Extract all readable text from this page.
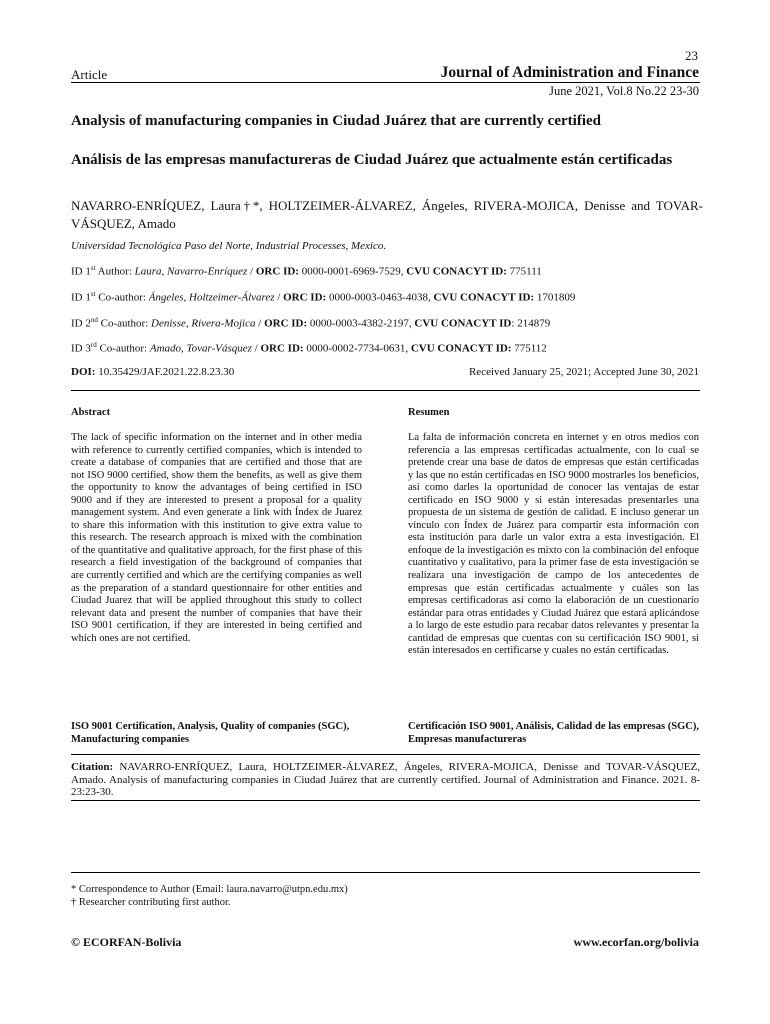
23
Article	Journal of Administration and Finance
June 2021, Vol.8 No.22 23-30
Analysis of manufacturing companies in Ciudad Juárez that are currently certified
Análisis de las empresas manufactureras de Ciudad Juárez que actualmente están certificadas
NAVARRO-ENRÍQUEZ, Laura†*, HOLTZEIMER-ÁLVAREZ, Ángeles, RIVERA-MOJICA, Denisse and TOVAR-VÁSQUEZ, Amado
Universidad Tecnológica Paso del Norte, Industrial Processes, Mexico.
ID 1st Author: Laura, Navarro-Enríquez / ORC ID: 0000-0001-6969-7529, CVU CONACYT ID: 775111
ID 1st Co-author: Ángeles, Holtzeimer-Álvarez / ORC ID: 0000-0003-0463-4038, CVU CONACYT ID: 1701809
ID 2nd Co-author: Denisse, Rivera-Mojica / ORC ID: 0000-0003-4382-2197, CVU CONACYT ID: 214879
ID 3rd Co-author: Amado, Tovar-Vásquez / ORC ID: 0000-0002-7734-0631, CVU CONACYT ID: 775112
DOI: 10.35429/JAF.2021.22.8.23.30	Received January 25, 2021; Accepted June 30, 2021
Abstract
The lack of specific information on the internet and in other media with reference to currently certified companies, which is intended to create a database of companies that are certified and those that are not ISO 9000 certified, show them the benefits, as well as give them the opportunity to know the advantages of being certified in ISO 9000 and if they are interested to present a proposal for a quality management system. And even generate a link with Índex de Juarez to share this information with this institution to give extra value to this research. The research approach is mixed with the combination of the quantitative and qualitative approach, for the first phase of this research a field investigation of the background of companies that are currently certified and which are the certifying companies as well as the preparation of a standard questionnaire for other entities and Ciudad Juarez that will be applied throughout this study to collect relevant data and present the number of companies that have their ISO 9001 certification, if they are interested in being certified and which ones are not certified.
ISO 9001 Certification, Analysis, Quality of companies (SGC), Manufacturing companies
Resumen
La falta de información concreta en internet y en otros medios con referencia a las empresas certificadas actualmente, con lo cual se pretende crear una base de datos de empresas que están certificadas y las que no están certificadas en ISO 9000 mostrarles los beneficios, así como darles la oportunidad de conocer las ventajas de estar certificado en ISO 9000 y si están interesadas presentarles una propuesta de un sistema de gestión de calidad. E incluso generar un vínculo con Índex de Juárez para compartir esta información con esta institución para darle un valor extra a esta investigación. El enfoque de la investigación es mixto con la combinación del enfoque cuantitativo y cualitativo, para la primer fase de esta investigación se realizara una investigación de campo de los antecedentes de empresas que están certificadas actualmente y cuáles son las empresas certificadoras así como la elaboración de un cuestionario estándar para otras entidades y Ciudad Juárez que estará aplicándose a lo largo de este estudio para recabar datos relevantes y presentar la cantidad de empresas que cuentas con su certificación ISO 9001, si están interesados en certificarse y cuales no están certificadas.
Certificación ISO 9001, Análisis, Calidad de las empresas (SGC), Empresas manufactureras
Citation: NAVARRO-ENRÍQUEZ, Laura, HOLTZEIMER-ÁLVAREZ, Ángeles, RIVERA-MOJICA, Denisse and TOVAR-VÁSQUEZ, Amado. Analysis of manufacturing companies in Ciudad Juárez that are currently certified. Journal of Administration and Finance. 2021. 8-23:23-30.
* Correspondence to Author (Email: laura.navarro@utpn.edu.mx)
† Researcher contributing first author.
© ECORFAN-Bolivia	www.ecorfan.org/bolivia
